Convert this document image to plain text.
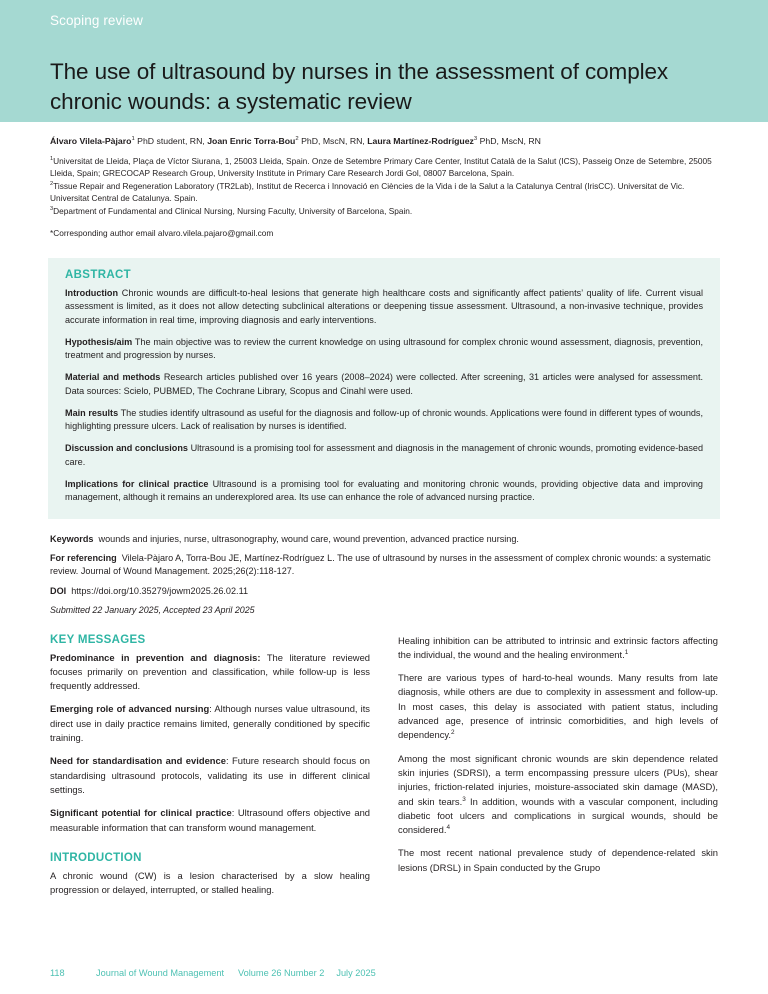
Scoping review
The use of ultrasound by nurses in the assessment of complex chronic wounds: a systematic review
Álvaro Vilela-Pàjaro$^1$ PhD student, RN, Joan Enric Torra-Bou$^2$ PhD, MscN, RN, Laura Martínez-Rodríguez$^3$ PhD, MscN, RN

$^1$Universitat de Lleida, Plaça de Víctor Siurana, 1, 25003 Lleida, Spain. Onze de Setembre Primary Care Center, Institut Català de la Salut (ICS), Passeig Onze de Setembre, 25005 Lleida, Spain; GRECOCAP Research Group, University Institute in Primary Care Research Jordi Gol, 08007 Barcelona, Spain.

$^2$Tissue Repair and Regeneration Laboratory (TR2Lab), Institut de Recerca i Innovació en Ciències de la Vida i de la Salut a la Catalunya Central (IrisCC). Universitat de Vic. Universitat Central de Catalunya. Spain.

$^3$Department of Fundamental and Clinical Nursing, Nursing Faculty, University of Barcelona, Spain.

*Corresponding author email alvaro.vilela.pajaro@gmail.com
ABSTRACT

Introduction Chronic wounds are difficult-to-heal lesions that generate high healthcare costs and significantly affect patients’ quality of life. Current visual assessment is limited, as it does not allow detecting subclinical alterations or deepening tissue assessment. Ultrasound, a non-invasive technique, provides accurate information in real time, improving diagnosis and early interventions.

Hypothesis/aim The main objective was to review the current knowledge on using ultrasound for complex chronic wound assessment, diagnosis, prevention, treatment and progression by nurses.

Material and methods Research articles published over 16 years (2008–2024) were collected. After screening, 31 articles were analysed for assessment. Data sources: Scielo, PUBMED, The Cochrane Library, Scopus and Cinahl were used.

Main results The studies identify ultrasound as useful for the diagnosis and follow-up of chronic wounds. Applications were found in different types of wounds, highlighting pressure ulcers. Lack of realisation by nurses is identified.

Discussion and conclusions Ultrasound is a promising tool for assessment and diagnosis in the management of chronic wounds, promoting evidence-based care.

Implications for clinical practice Ultrasound is a promising tool for evaluating and monitoring chronic wounds, providing objective data and improving management, although it remains an underexplored area. Its use can enhance the role of advanced nursing practice.

Keywords  wounds and injuries, nurse, ultrasonography, wound care, wound prevention, advanced practice nursing.
For referencing  Vilela-Pàjaro A, Torra-Bou JE, Martínez-Rodríguez L. The use of ultrasound by nurses in the assessment of complex chronic wounds: a systematic review. Journal of Wound Management. 2025;26(2):118-127.
DOI  https://doi.org/10.35279/jowm2025.26.02.11
Submitted 22 January 2025, Accepted 23 April 2025
KEY MESSAGES

Predominance in prevention and diagnosis: The literature reviewed focuses primarily on prevention and classification, while follow-up is less frequently addressed.

Emerging role of advanced nursing: Although nurses value ultrasound, its direct use in daily practice remains limited, generally conditioned by specific training.

Need for standardisation and evidence: Future research should focus on standardising ultrasound protocols, validating its use in different clinical settings.

Significant potential for clinical practice: Ultrasound offers objective and measurable information that can transform wound management.

INTRODUCTION

A chronic wound (CW) is a lesion characterised by a slow healing progression or delayed, interrupted, or stalled healing.

Healing inhibition can be attributed to intrinsic and extrinsic factors affecting the individual, the wound and the healing environment.$^1$

There are various types of hard-to-heal wounds. Many results from late diagnosis, while others are due to complexity in assessment and follow-up. In most cases, this delay is associated with patient status, including advanced age, presence of intrinsic comorbidities, and high levels of dependency.$^2$

Among the most significant chronic wounds are skin dependence related skin injuries (SDRSI), a term encompassing pressure ulcers (PUs), shear injuries, friction-related injuries, moisture-associated skin damage (MASD), and skin tears.$^3$ In addition, wounds with a vascular component, including diabetic foot ulcers and complications in surgical wounds, should be considered.$^4$

The most recent national prevalence study of dependence-related skin lesions (DRSL) in Spain conducted by the Grupo

118	Journal of Wound Management Volume 26 Number 2 July 2025
